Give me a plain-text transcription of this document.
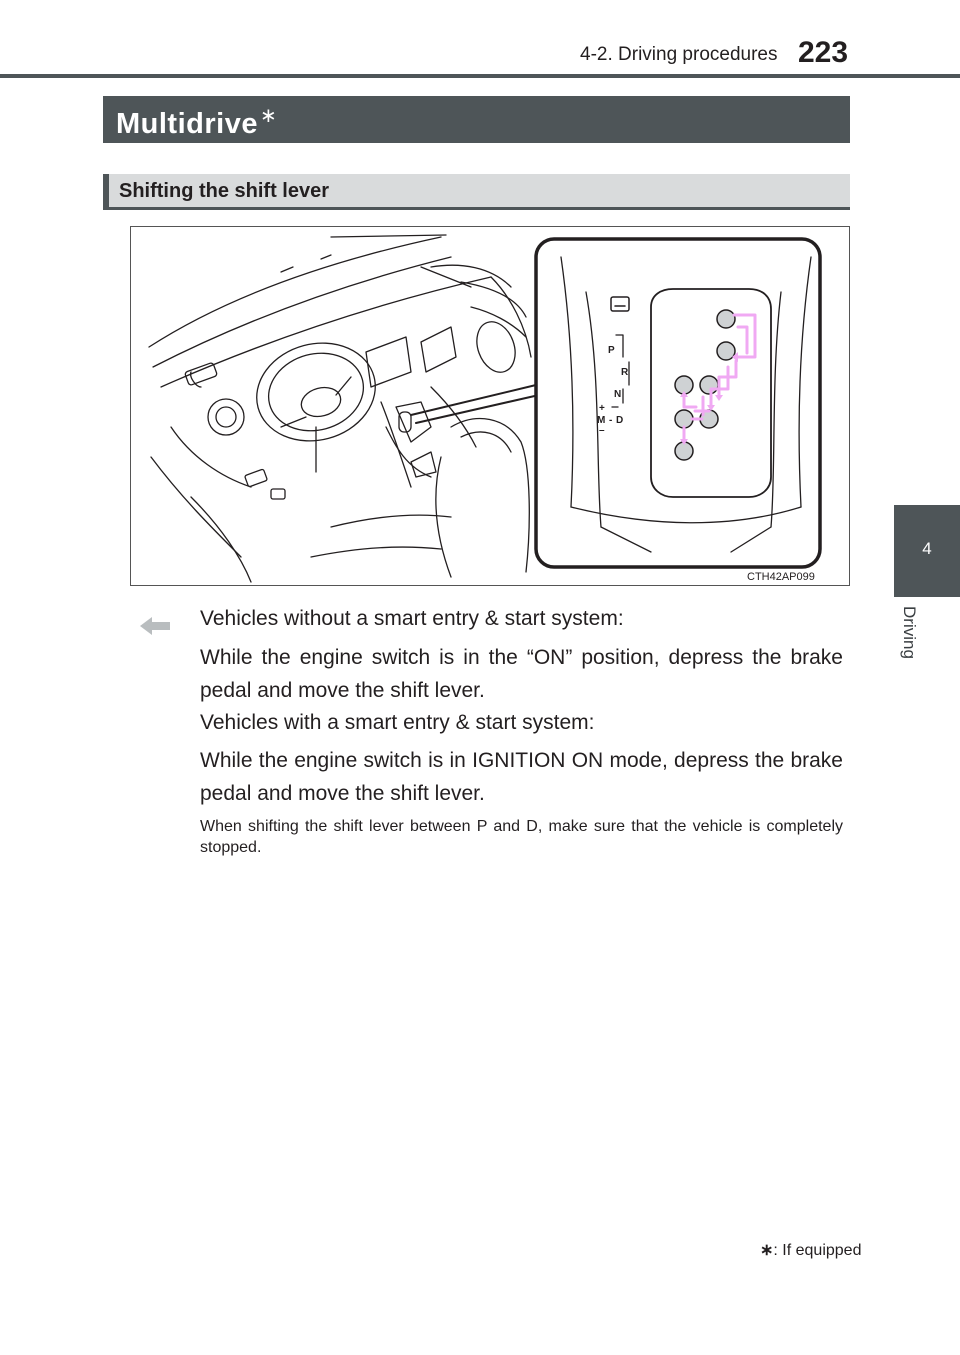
4-2. Driving procedures 223
4
Driving
Multidrive ∗
Shifting the shift lever
P
R
N
+
M - D
–
CTH42AP099
Vehicles without a smart entry & start system:
While the engine switch is in the “ON” position, depress the brake pedal and move the shift lever.
Vehicles with a smart entry & start system:
While the engine switch is in IGNITION ON mode, depress the brake pedal and move the shift lever.
When shifting the shift lever between P and D, make sure that the vehicle is completely stopped.
∗: If equipped
